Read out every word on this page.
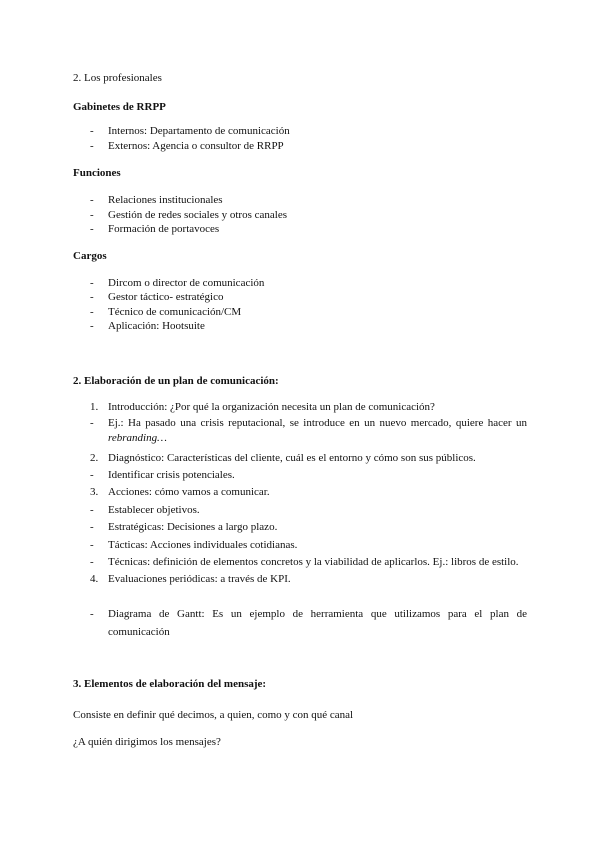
2. Los profesionales
Gabinetes de RRPP
- Internos: Departamento de comunicación
- Externos: Agencia o consultor de RRPP
Funciones
- Relaciones institucionales
- Gestión de redes sociales y otros canales
- Formación de portavoces
Cargos
- Dircom o director de comunicación
- Gestor táctico- estratégico
- Técnico de comunicación/CM
- Aplicación: Hootsuite
2. Elaboración de un plan de comunicación:
1. Introducción: ¿Por qué la organización necesita un plan de comunicación?
- Ej.: Ha pasado una crisis reputacional, se introduce en un nuevo mercado, quiere hacer un
rebranding…
2. Diagnóstico: Características del cliente, cuál es el entorno y cómo son sus públicos.
- Identificar crisis potenciales.
3. Acciones: cómo vamos a comunicar.
- Establecer objetivos.
- Estratégicas: Decisiones a largo plazo.
- Tácticas: Acciones individuales cotidianas.
- Técnicas: definición de elementos concretos y la viabilidad de aplicarlos. Ej.: libros de estilo.
4. Evaluaciones periódicas: a través de KPI.
- Diagrama de Gantt: Es un ejemplo de herramienta que utilizamos para el plan de
comunicación
3. Elementos de elaboración del mensaje:
Consiste en definir qué decimos, a quien, como y con qué canal
¿A quién dirigimos los mensajes?
